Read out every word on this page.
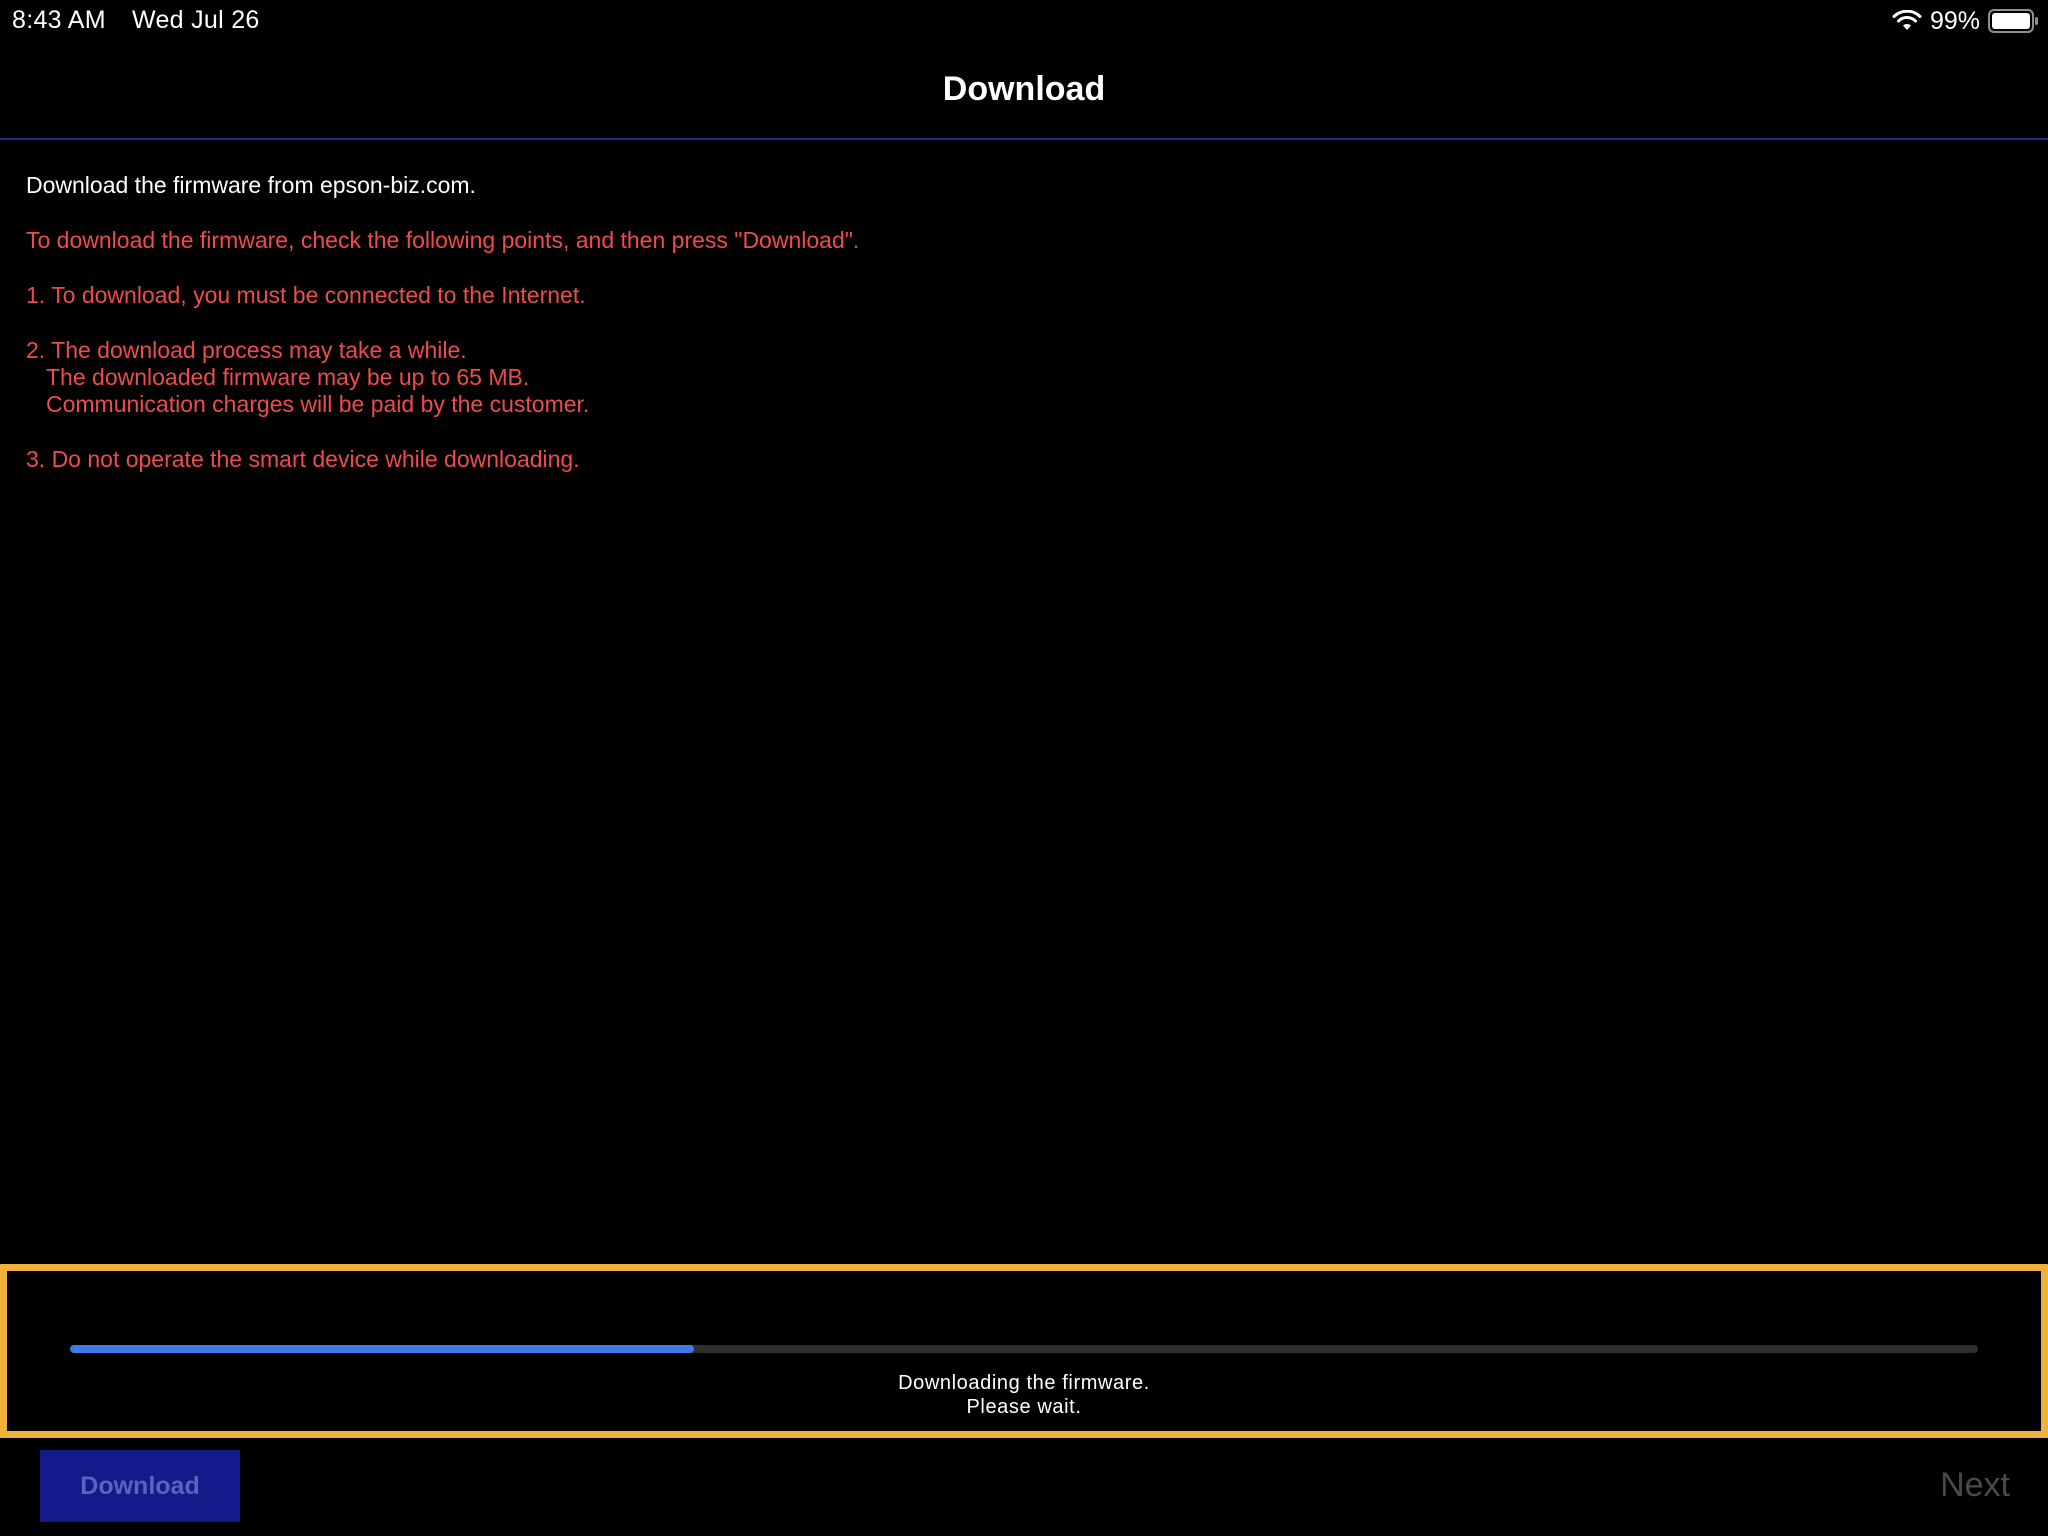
8:43 AM Wed Jul 26	99%
Download

Download the firmware from epson-biz.com.

To download the firmware, check the following points, and then press "Download".

1. To download, you must be connected to the Internet.

2. The download process may take a while.
The downloaded firmware may be up to 65 MB.
Communication charges will be paid by the customer.

3. Do not operate the smart device while downloading.

Downloading the firmware.
Please wait.
Download	Next
